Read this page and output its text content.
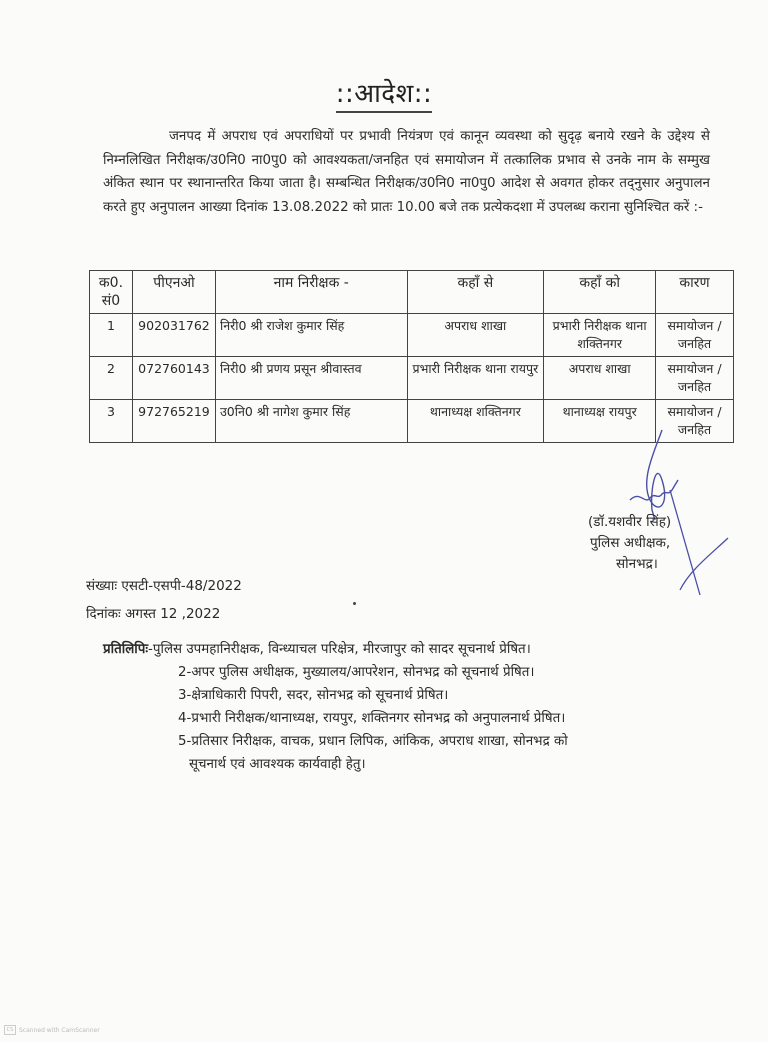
::आदेश::

जनपद में अपराध एवं अपराधियों पर प्रभावी नियंत्रण एवं कानून व्यवस्था को सुदृढ़ बनाये रखने के उद्देश्य से निम्नलिखित निरीक्षक/उ0नि0 ना0पु0 को आवश्यकता/जनहित एवं समायोजन में तत्कालिक प्रभाव से उनके नाम के सम्मुख अंकित स्थान पर स्थानान्तरित किया जाता है। सम्बन्धित निरीक्षक/उ0नि0 ना0पु0 आदेश से अवगत होकर तद्नुसार अनुपालन करते हुए अनुपालन आख्या दिनांक 13.08.2022 को प्रातः 10.00 बजे तक प्रत्येकदशा में उपलब्ध कराना सुनिश्चित करें :-

क0. सं0	पीएनओ	नाम निरीक्षक -	कहाँ से	कहाँ को	कारण
1	902031762	निरी0 श्री राजेश कुमार सिंह	अपराध शाखा	प्रभारी निरीक्षक थाना शक्तिनगर	समायोजन /जनहित
2	072760143	निरी0 श्री प्रणय प्रसून श्रीवास्तव	प्रभारी निरीक्षक थाना रायपुर	अपराध शाखा	समायोजन /जनहित
3	972765219	उ0नि0 श्री नागेश कुमार सिंह	थानाध्यक्ष शक्तिनगर	थानाध्यक्ष रायपुर	समायोजन /जनहित
(डॉ.यशवीर सिंह)
पुलिस अधीक्षक,
सोनभद्र।
संख्याः एसटी-एसपी-48/2022
दिनांकः अगस्त 12 ,2022
प्रतिलिपिः-पुलिस उपमहानिरीक्षक, विन्ध्याचल परिक्षेत्र, मीरजापुर को सादर सूचनार्थ प्रेषित।
2-अपर पुलिस अधीक्षक, मुख्यालय/आपरेशन, सोनभद्र को सूचनार्थ प्रेषित।
3-क्षेत्राधिकारी पिपरी, सदर, सोनभद्र को सूचनार्थ प्रेषित।
4-प्रभारी निरीक्षक/थानाध्यक्ष, रायपुर, शक्तिनगर सोनभद्र को अनुपालनार्थ प्रेषित।
5-प्रतिसार निरीक्षक, वाचक, प्रधान लिपिक, आंकिक, अपराध शाखा, सोनभद्र को
सूचनार्थ एवं आवश्यक कार्यवाही हेतु।
CS Scanned with CamScanner
